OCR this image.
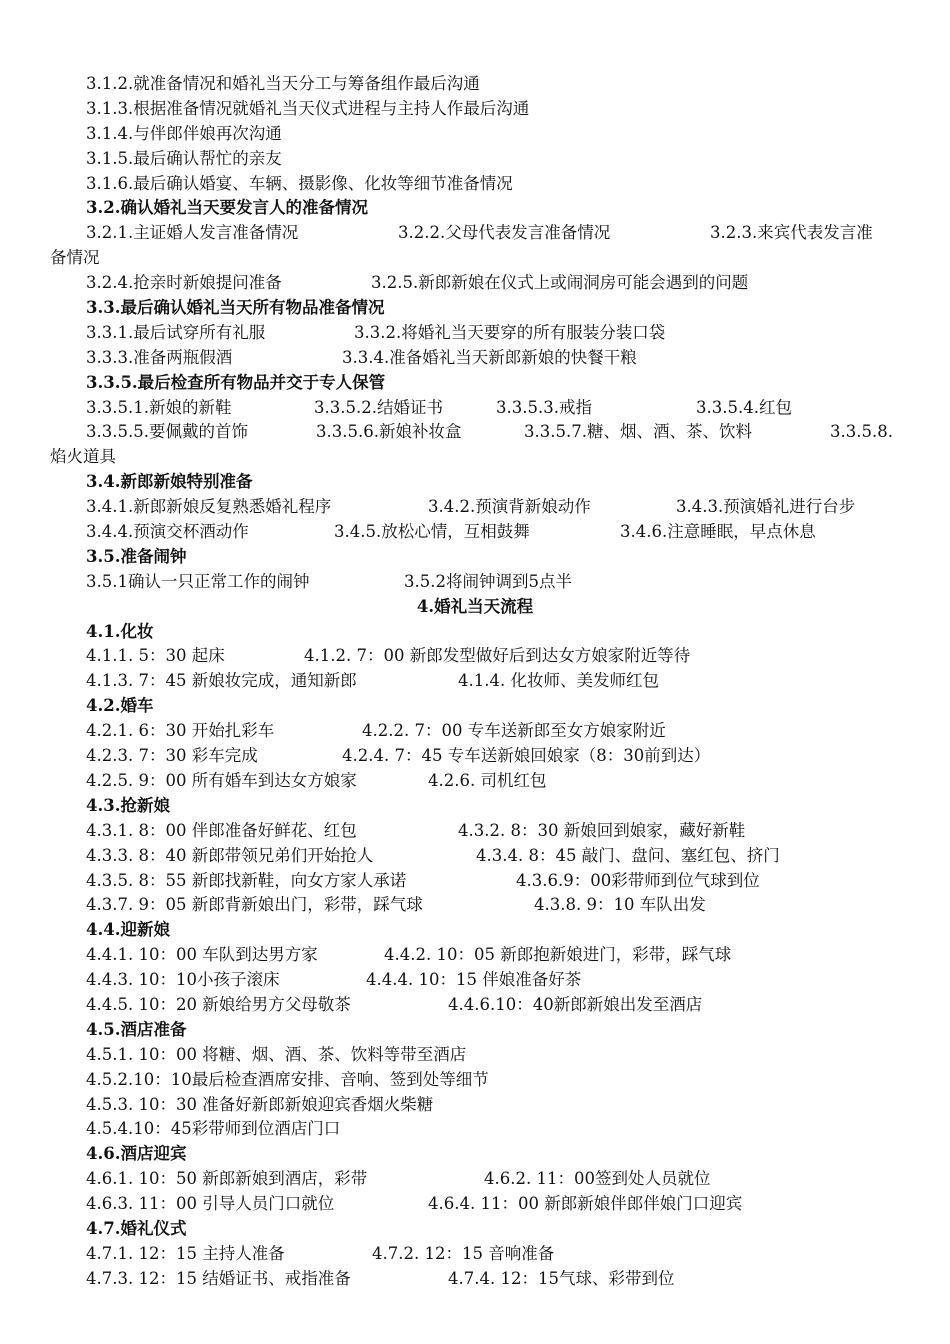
3.1.2.就准备情况和婚礼当天分工与筹备组作最后沟通
3.1.3.根据准备情况就婚礼当天仪式进程与主持人作最后沟通
3.1.4.与伴郎伴娘再次沟通
3.1.5.最后确认帮忙的亲友
3.1.6.最后确认婚宴、车辆、摄影像、化妆等细节准备情况
3.2.确认婚礼当天要发言人的准备情况
3.2.1.主证婚人发言准备情况	3.2.2.父母代表发言准备情况	3.2.3.来宾代表发言准
备情况
3.2.4.抢亲时新娘提问准备	3.2.5.新郎新娘在仪式上或闹洞房可能会遇到的问题
3.3.最后确认婚礼当天所有物品准备情况
3.3.1.最后试穿所有礼服	3.3.2.将婚礼当天要穿的所有服装分装口袋
3.3.3.准备两瓶假酒	3.3.4.准备婚礼当天新郎新娘的快餐干粮
3.3.5.最后检查所有物品并交于专人保管
3.3.5.1.新娘的新鞋	3.3.5.2.结婚证书	3.3.5.3.戒指	3.3.5.4.红包
3.3.5.5.要佩戴的首饰	3.3.5.6.新娘补妆盒	3.3.5.7.糖、烟、酒、茶、饮料	3.3.5.8.
焰火道具
3.4.新郎新娘特别准备
3.4.1.新郎新娘反复熟悉婚礼程序	3.4.2.预演背新娘动作	3.4.3.预演婚礼进行台步
3.4.4.预演交杯酒动作	3.4.5.放松心情，互相鼓舞	3.4.6.注意睡眠，早点休息
3.5.准备闹钟
3.5.1确认一只正常工作的闹钟	3.5.2将闹钟调到5点半
4.婚礼当天流程
4.1.化妆
4.1.1. 5：30 起床	4.1.2. 7：00 新郎发型做好后到达女方娘家附近等待
4.1.3. 7：45 新娘妆完成，通知新郎	4.1.4. 化妆师、美发师红包
4.2.婚车
4.2.1. 6：30 开始扎彩车	4.2.2. 7：00 专车送新郎至女方娘家附近
4.2.3. 7：30 彩车完成	4.2.4. 7：45 专车送新娘回娘家（8：30前到达）
4.2.5. 9：00 所有婚车到达女方娘家	4.2.6. 司机红包
4.3.抢新娘
4.3.1. 8：00 伴郎准备好鲜花、红包	4.3.2. 8：30 新娘回到娘家，藏好新鞋
4.3.3. 8：40 新郎带领兄弟们开始抢人	4.3.4. 8：45 敲门、盘问、塞红包、挤门
4.3.5. 8：55 新郎找新鞋，向女方家人承诺	4.3.6.9：00彩带师到位气球到位
4.3.7. 9：05 新郎背新娘出门，彩带，踩气球	4.3.8. 9：10 车队出发
4.4.迎新娘
4.4.1. 10：00 车队到达男方家	4.4.2. 10：05 新郎抱新娘进门，彩带，踩气球
4.4.3. 10：10小孩子滚床	4.4.4. 10：15 伴娘准备好茶
4.4.5. 10：20 新娘给男方父母敬茶	4.4.6.10：40新郎新娘出发至酒店
4.5.酒店准备
4.5.1. 10：00 将糖、烟、酒、茶、饮料等带至酒店
4.5.2.10：10最后检查酒席安排、音响、签到处等细节
4.5.3. 10：30 准备好新郎新娘迎宾香烟火柴糖
4.5.4.10：45彩带师到位酒店门口
4.6.酒店迎宾
4.6.1. 10：50 新郎新娘到酒店，彩带	4.6.2. 11：00签到处人员就位
4.6.3. 11：00 引导人员门口就位	4.6.4. 11：00 新郎新娘伴郎伴娘门口迎宾
4.7.婚礼仪式
4.7.1. 12：15 主持人准备	4.7.2. 12：15 音响准备
4.7.3. 12：15 结婚证书、戒指准备	4.7.4. 12：15气球、彩带到位
